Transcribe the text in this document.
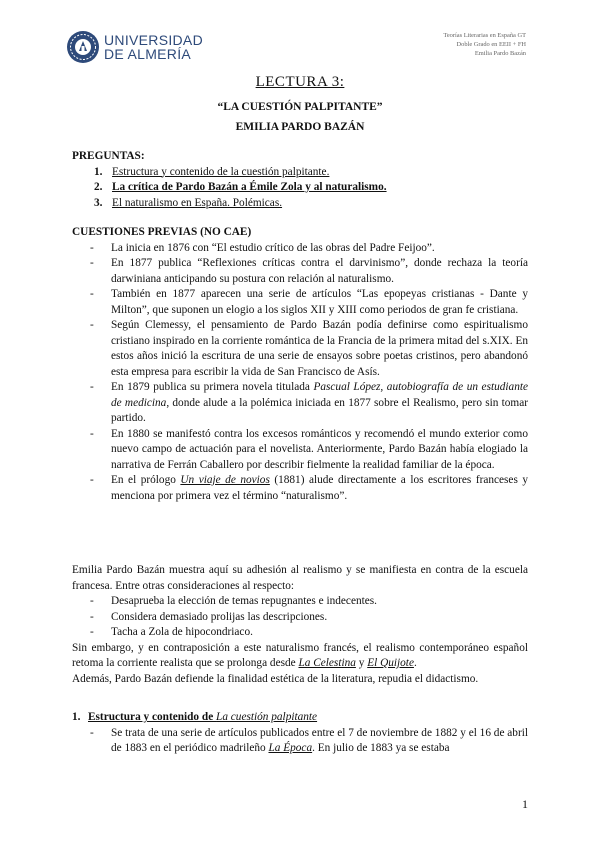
UNIVERSIDAD
DE ALMERÍA
Teorías Literarias en España GT
Doble Grado en EEII + FH
Emilia Pardo Bazán
LECTURA 3:
“LA CUESTIÓN PALPITANTE”
EMILIA PARDO BAZÁN
PREGUNTAS:
1. Estructura y contenido de la cuestión palpitante.
2. La crítica de Pardo Bazán a Émile Zola y al naturalismo.
3. El naturalismo en España. Polémicas.
CUESTIONES PREVIAS (NO CAE)
-	La inicia en 1876 con “El estudio crítico de las obras del Padre Feijoo”.
-	En 1877 publica “Reflexiones críticas contra el darvinismo”, donde rechaza la teoría darwiniana anticipando su postura con relación al naturalismo.
-	También en 1877 aparecen una serie de artículos “Las epopeyas cristianas - Dante y Milton”, que suponen un elogio a los siglos XII y XIII como periodos de gran fe cristiana.
-	Según Clemessy, el pensamiento de Pardo Bazán podía definirse como espiritualismo cristiano inspirado en la corriente romántica de la Francia de la primera mitad del s.XIX. En estos años inició la escritura de una serie de ensayos sobre poetas cristinos, pero abandonó esta empresa para escribir la vida de San Francisco de Asís.
-	En 1879 publica su primera novela titulada Pascual López, autobiografía de un estudiante de medicina, donde alude a la polémica iniciada en 1877 sobre el Realismo, pero sin tomar partido.
-	En 1880 se manifestó contra los excesos románticos y recomendó el mundo exterior como nuevo campo de actuación para el novelista. Anteriormente, Pardo Bazán había elogiado la narrativa de Ferrán Caballero por describir fielmente la realidad familiar de la época.
-	En el prólogo Un viaje de novios (1881) alude directamente a los escritores franceses y menciona por primera vez el término “naturalismo”.

Emilia Pardo Bazán muestra aquí su adhesión al realismo y se manifiesta en contra de la escuela francesa. Entre otras consideraciones al respecto:

-	Desaprueba la elección de temas repugnantes e indecentes.
-	Considera demasiado prolijas las descripciones.
-	Tacha a Zola de hipocondriaco.

Sin embargo, y en contraposición a este naturalismo francés, el realismo contemporáneo español retoma la corriente realista que se prolonga desde La Celestina y El Quijote.

Además, Pardo Bazán defiende la finalidad estética de la literatura, repudia el didactismo.

1. Estructura y contenido de La cuestión palpitante
-	Se trata de una serie de artículos publicados entre el 7 de noviembre de 1882 y el 16 de abril de 1883 en el periódico madrileño La Época. En julio de 1883 ya se estaba
1
